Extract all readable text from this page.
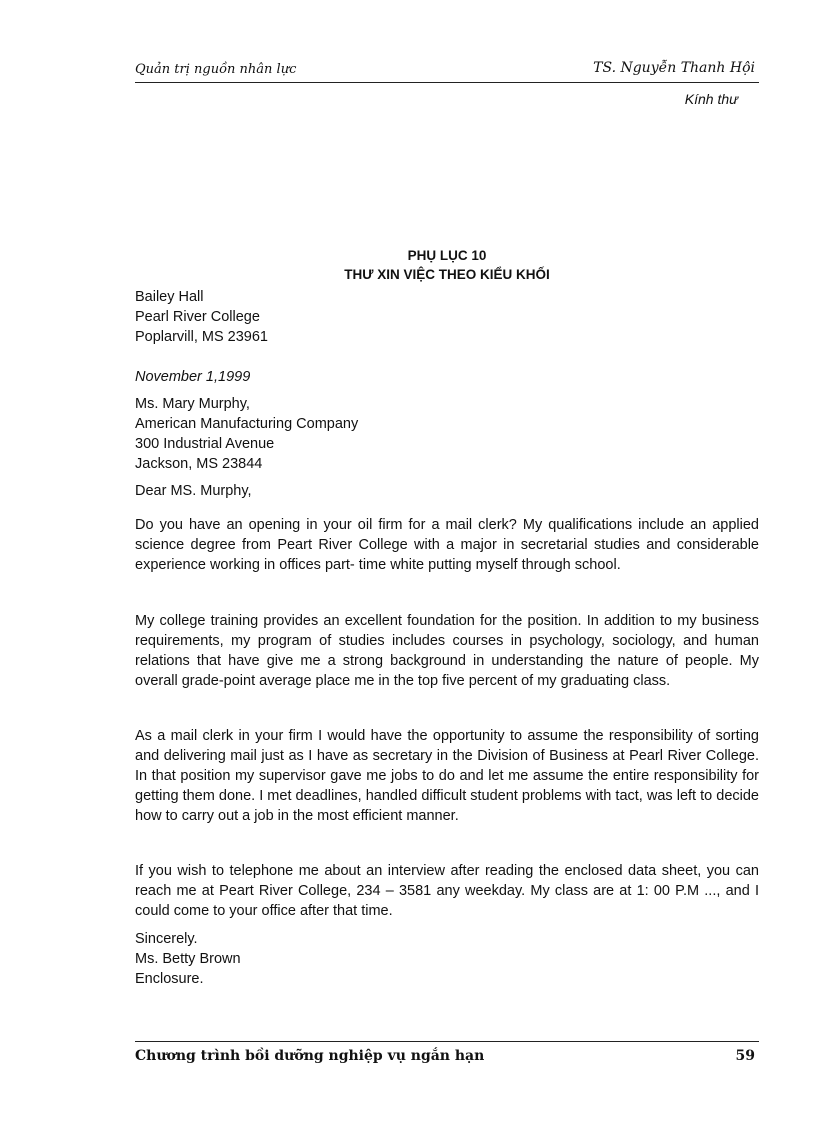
Quản trị nguồn nhân lực	TS. Nguyễn Thanh Hội
Kính thư
PHỤ LỤC 10
THƯ XIN VIỆC THEO KIỂU KHỐI

Bailey Hall

Pearl River College

Poplarvill, MS 23961

November 1,1999

Ms. Mary Murphy,

American Manufacturing Company

300 Industrial Avenue

Jackson, MS 23844

Dear MS. Murphy,
Do you have an opening in your oil firm for a mail clerk? My qualifications include an applied science degree from Peart River College with a major in secretarial studies and considerable experience working in offices part- time white putting myself through school.
My college training provides an excellent foundation for the position. In addition to my business requirements, my program of studies includes courses in psychology, sociology, and human relations that have give me a strong background in understanding the nature of people. My overall grade-point average place me in the top five percent of my graduating class.
As a mail clerk in your firm I would have the opportunity to assume the responsibility of sorting and delivering mail just as I have as secretary in the Division of Business at Pearl River College. In that position my supervisor gave me jobs to do and let me assume the entire responsibility for getting them done. I met deadlines, handled difficult student problems with tact, was left to decide how to carry out a job in the most efficient manner.
If you wish to telephone me about an interview after reading the enclosed data sheet, you can reach me at Peart River College, 234 – 3581 any weekday. My class are at 1: 00 P.M ..., and I could come to your office after that time.

Sincerely.

Ms. Betty Brown

Enclosure.

Chương trình bồi dưỡng nghiệp vụ ngắn hạn	59
